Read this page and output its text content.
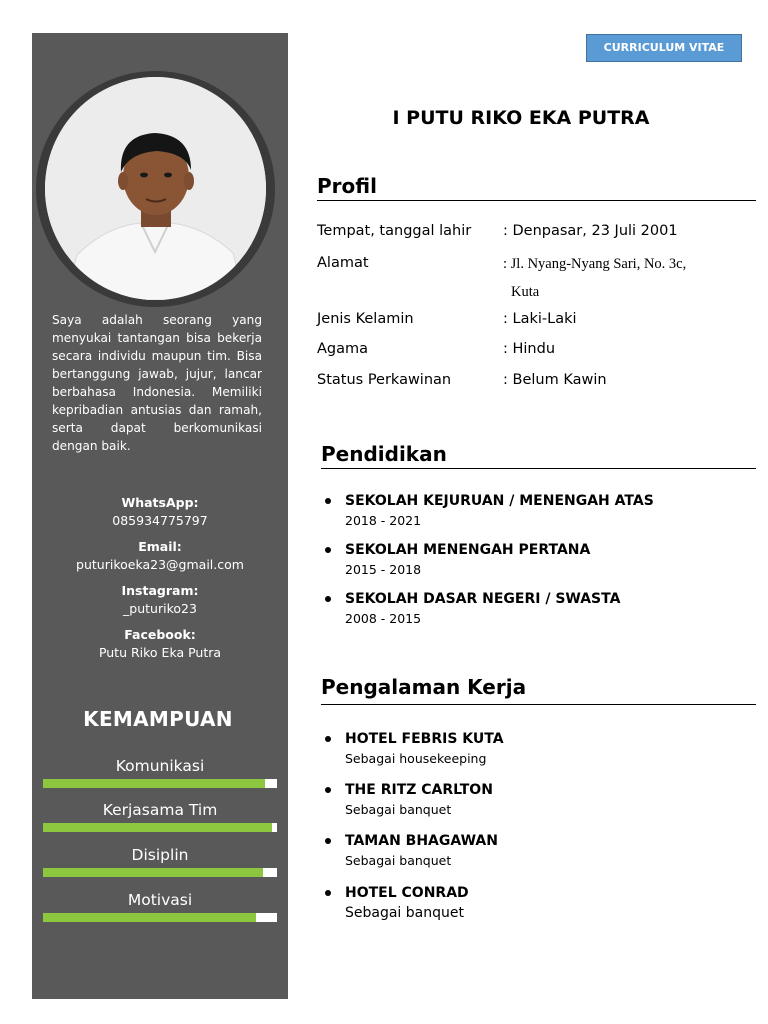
Saya adalah seorang yang menyukai tantangan bisa bekerja secara individu maupun tim. Bisa bertanggung jawab, jujur, lancar berbahasa Indonesia. Memiliki kepribadian antusias dan ramah, serta dapat berkomunikasi dengan baik.
WhatsApp:
085934775797
Email:
puturikoeka23@gmail.com
Instagram:
_puturiko23
Facebook:
Putu Riko Eka Putra
KEMAMPUAN
Komunikasi
Kerjasama Tim
Disiplin
Motivasi
CURRICULUM VITAE
I PUTU RIKO EKA PUTRA
Profil
Tempat, tanggal lahir : Denpasar, 23 Juli 2001
Alamat	: Jl. Nyang-Nyang Sari, No. 3c,
Kuta
Jenis Kelamin	: Laki-Laki
Agama	: Hindu
Status Perkawinan	: Belum Kawin
Pendidikan
SEKOLAH KEJURUAN / MENENGAH ATAS
2018 - 2021
SEKOLAH MENENGAH PERTANA
2015 - 2018
SEKOLAH DASAR NEGERI / SWASTA
2008 - 2015
Pengalaman Kerja
HOTEL FEBRIS KUTA
Sebagai housekeeping
THE RITZ CARLTON
Sebagai banquet
TAMAN BHAGAWAN
Sebagai banquet
HOTEL CONRAD
Sebagai banquet
